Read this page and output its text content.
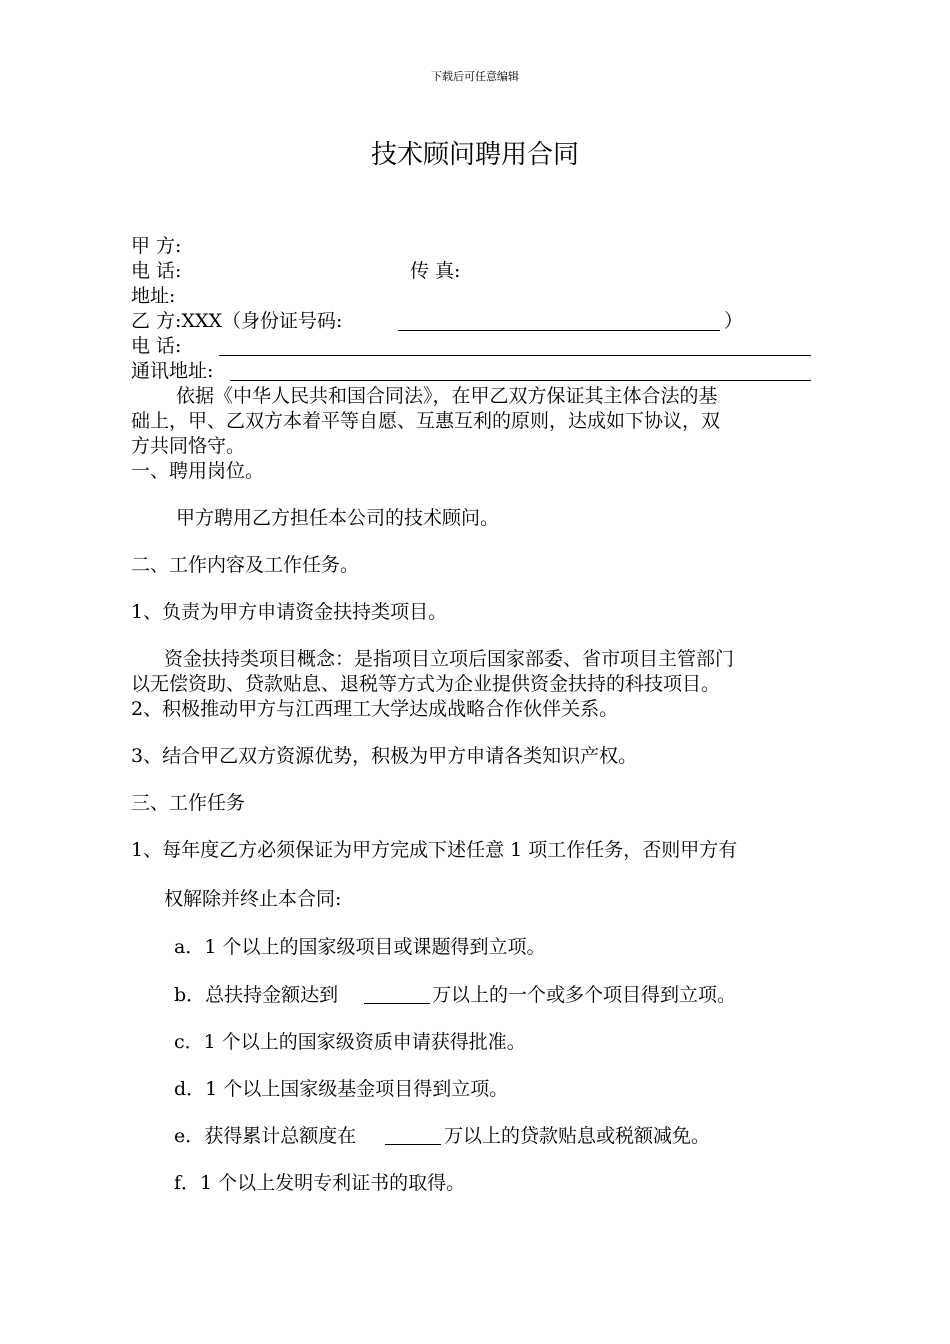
下载后可任意编辑
技术顾问聘用合同
甲 方:
电 话:	传 真:
地址:
乙 方:XXX（身份证号码:	）
电 话:
通讯地址:
依据《中华人民共和国合同法》，在甲乙双方保证其主体合法的基
础上，甲、乙双方本着平等自愿、互惠互利的原则，达成如下协议，双
方共同恪守。
一、聘用岗位。
甲方聘用乙方担任本公司的技术顾问。
二、工作内容及工作任务。
1、负责为甲方申请资金扶持类项目。
资金扶持类项目概念：是指项目立项后国家部委、省市项目主管部门
以无偿资助、贷款贴息、退税等方式为企业提供资金扶持的科技项目。
2、积极推动甲方与江西理工大学达成战略合作伙伴关系。
3、结合甲乙双方资源优势，积极为甲方申请各类知识产权。
三、工作任务
1、每年度乙方必须保证为甲方完成下述任意 1 项工作任务，否则甲方有
权解除并终止本合同:
a．1 个以上的国家级项目或课题得到立项。
b．总扶持金额达到	万以上的一个或多个项目得到立项。
c．1 个以上的国家级资质申请获得批准。
d．1 个以上国家级基金项目得到立项。
e．获得累计总额度在	万以上的贷款贴息或税额减免。
f．1 个以上发明专利证书的取得。
